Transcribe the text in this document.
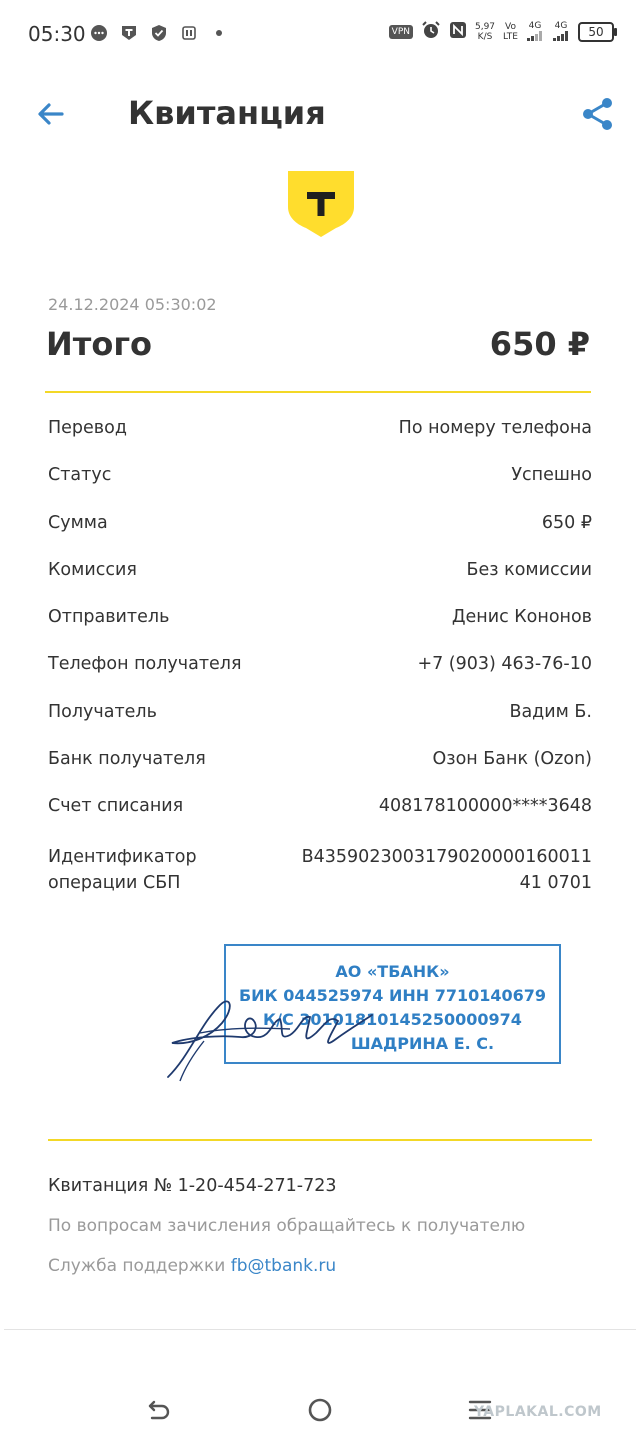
05:30	VPN	5,97
K/S
Vo
LTE
4G 4G	50
Квитанция
24.12.2024 05:30:02
Итого	650 ₽
Перевод	По номеру телефона
Статус	Успешно
Сумма	650 ₽
Комиссия	Без комиссии
Отправитель	Денис Кононов
Телефон получателя	+7 (903) 463-76-10
Получатель	Вадим Б.
Банк получателя	Озон Банк (Ozon)
Счет списания	408178100000****3648
Идентификатор операции СБП
B435902300317902000016001141 0701
АО «ТБАНК»
БИК 044525974 ИНН 7710140679
К/С 30101810145250000974
ШАДРИНА Е. С.
Квитанция № 1-20-454-271-723
По вопросам зачисления обращайтесь к получателю
Служба поддержки fb@tbank.ru
YAPLAKAL.COM
